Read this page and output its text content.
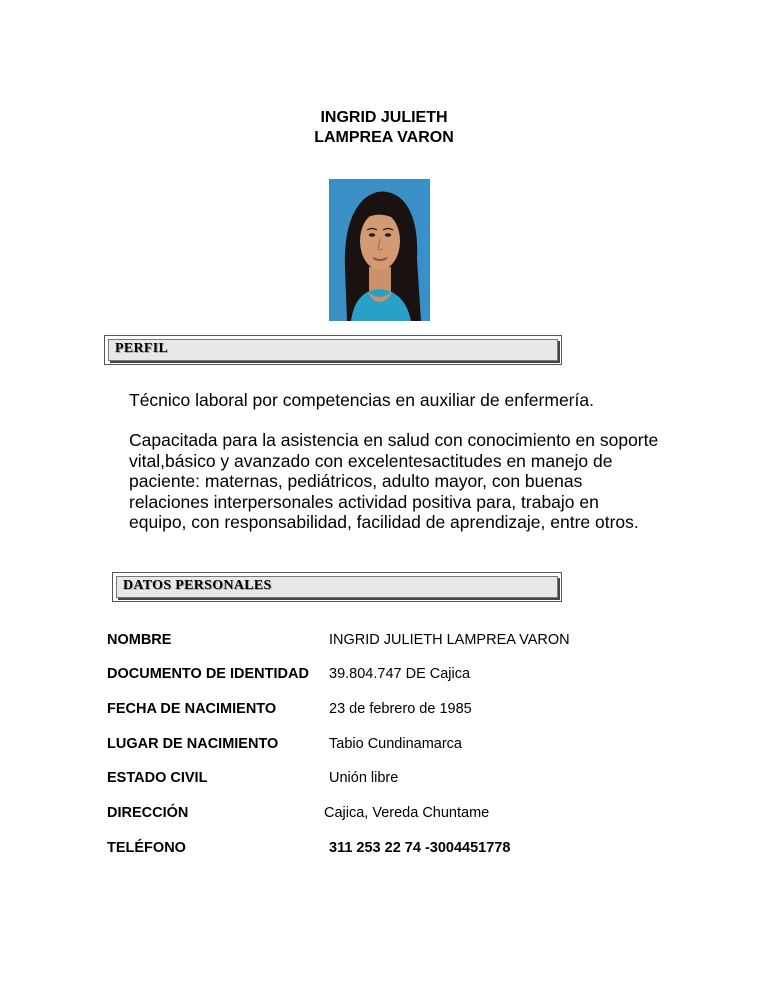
INGRID JULIETH
LAMPREA VARON
PERFIL
Técnico laboral por competencias en auxiliar de enfermería.
Capacitada para la asistencia en salud con conocimiento en soporte
vital,básico y avanzado con excelentesactitudes en manejo de
paciente: maternas, pediátricos, adulto mayor, con buenas
relaciones interpersonales actividad positiva para, trabajo en
equipo, con responsabilidad, facilidad de aprendizaje, entre otros.
DATOS PERSONALES
NOMBRE	INGRID JULIETH LAMPREA VARON
DOCUMENTO DE IDENTIDAD 39.804.747 DE Cajica
FECHA DE NACIMIENTO	23 de febrero de 1985
LUGAR DE NACIMIENTO	Tabio Cundinamarca
ESTADO CIVIL	Unión libre
DIRECCIÓN	Cajica, Vereda Chuntame
TELÉFONO	311 253 22 74 -3004451778
